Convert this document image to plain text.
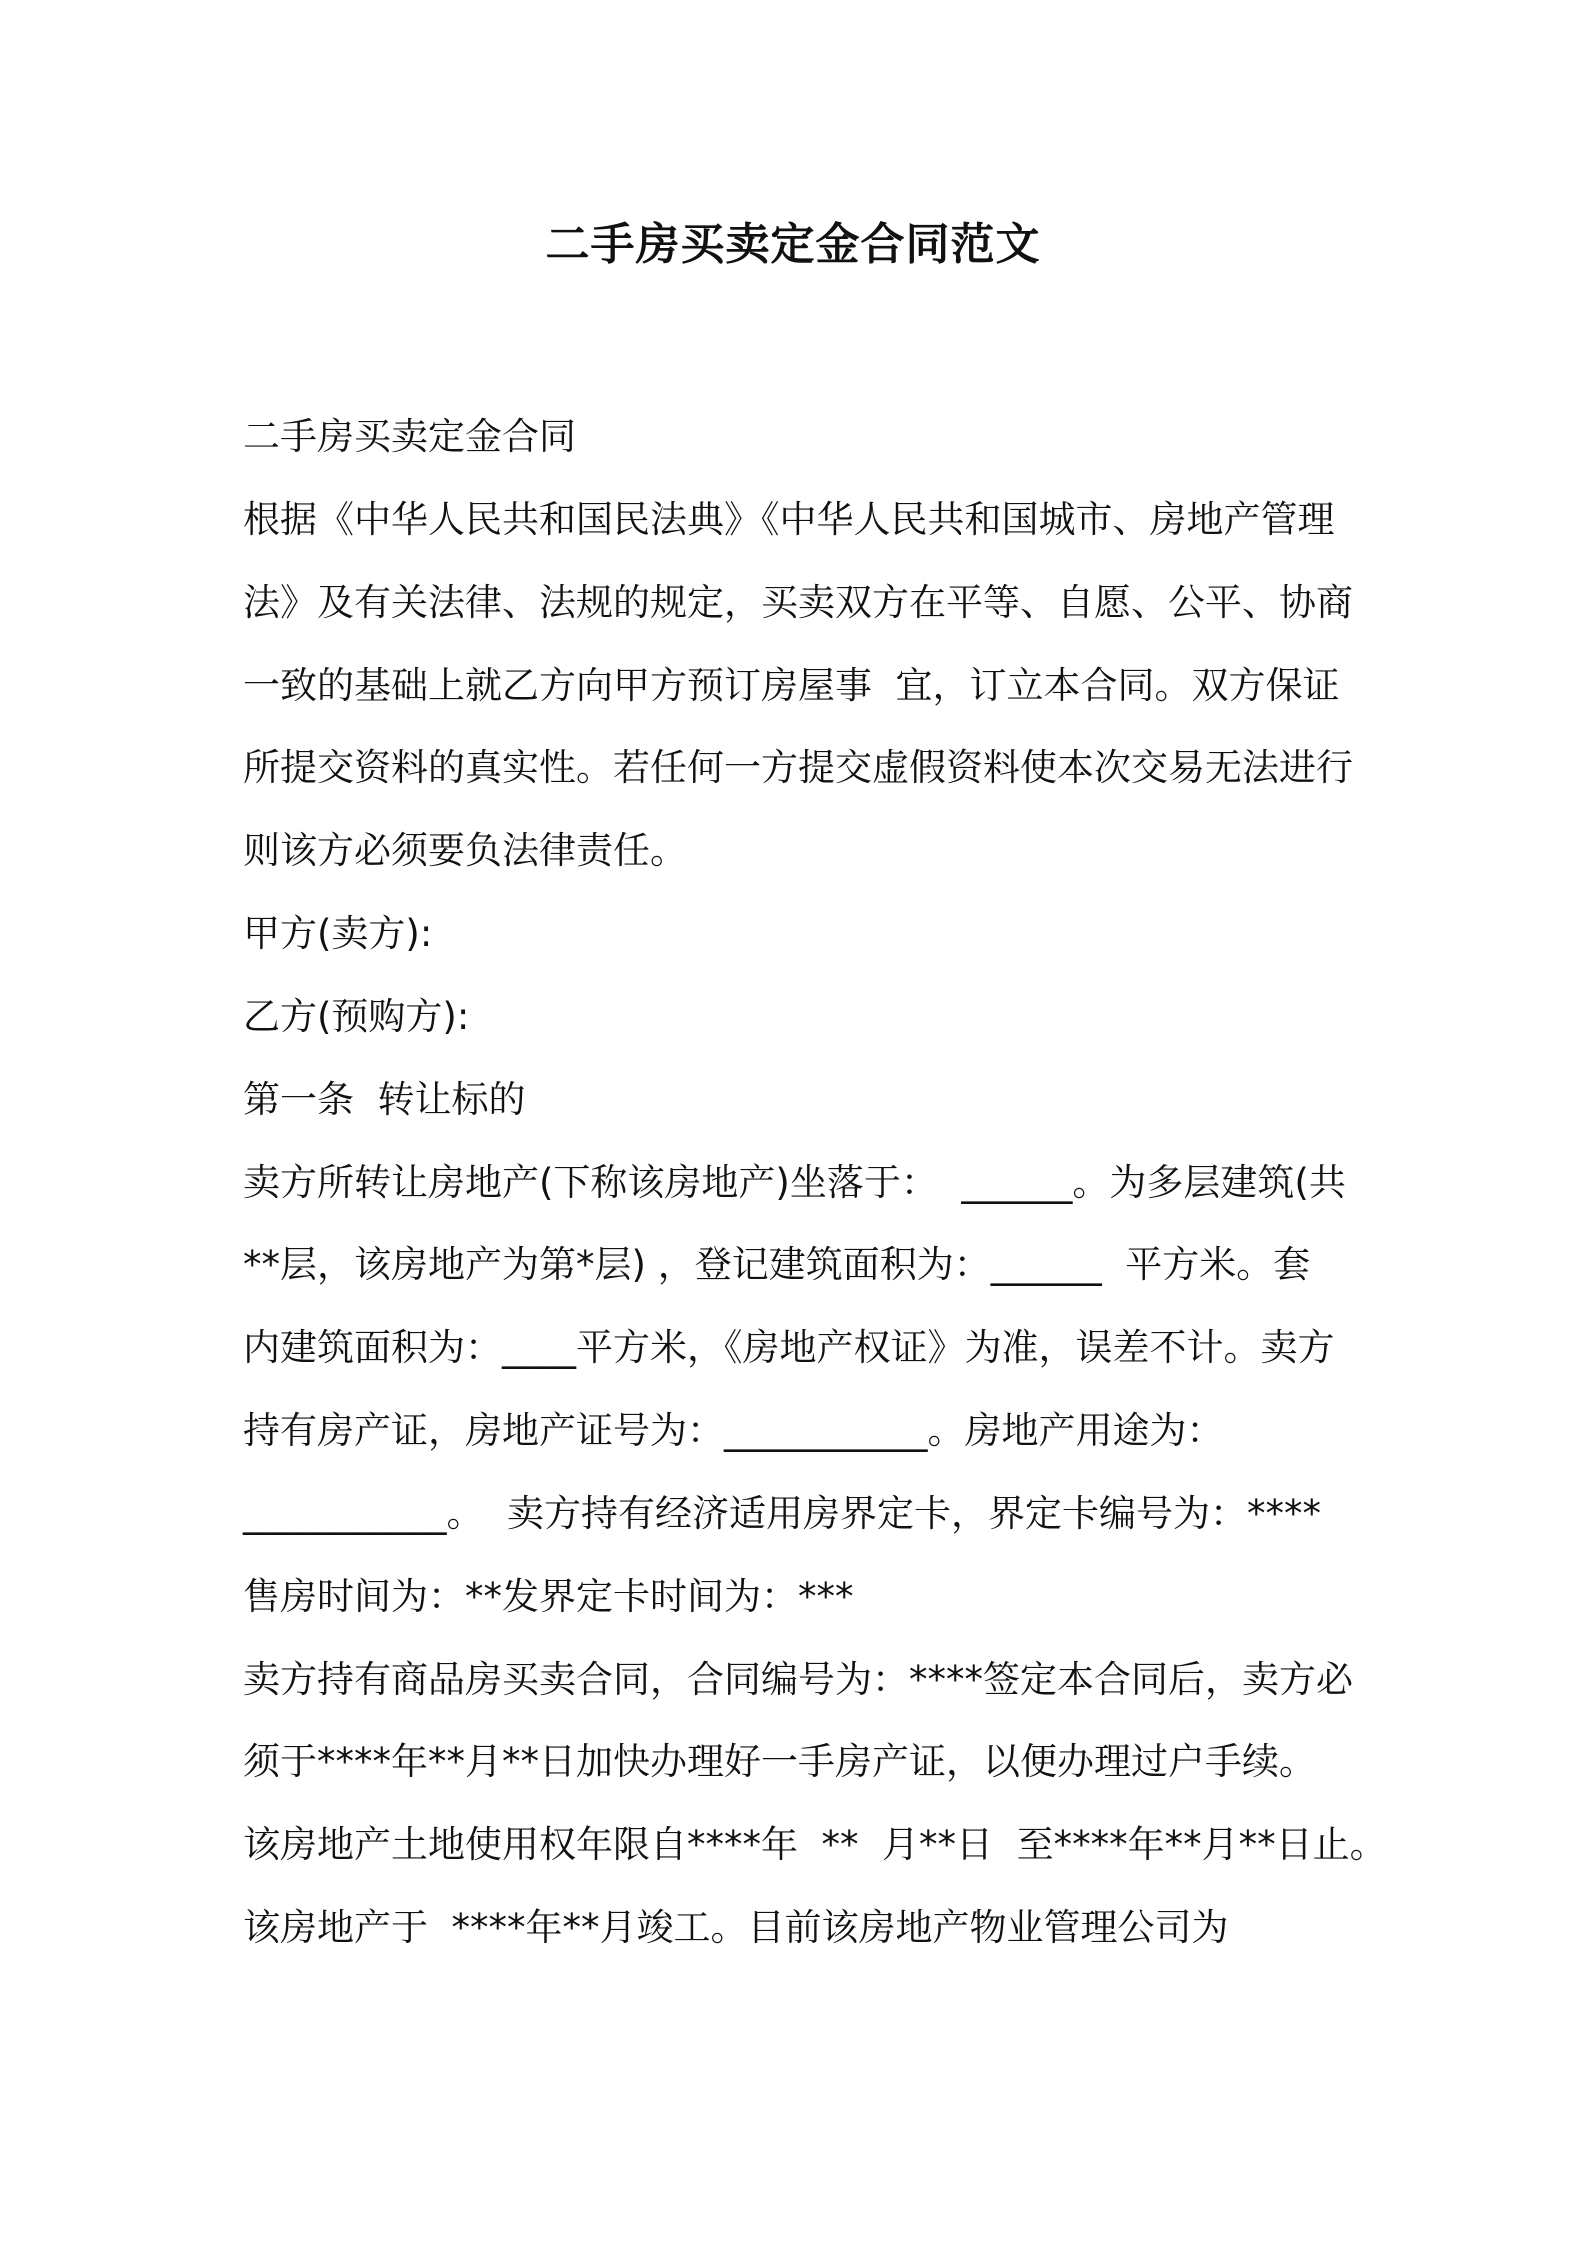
二手房买卖定金合同范文

二手房买卖定金合同

根据《中华人民共和国民法典》《中华人民共和国城市、房地产管理

法》及有关法律、法规的规定，买卖双方在平等、自愿、公平、协商

一致的基础上就乙方向甲方预订房屋事  宜，订立本合同。双方保证

所提交资料的真实性。若任何一方提交虚假资料使本次交易无法进行

则该方必须要负法律责任。

甲方(卖方):

乙方(预购方):

第一条  转让标的

卖方所转让房地产(下称该房地产)坐落于：  ______。为多层建筑(共

**层，该房地产为第*层) ，登记建筑面积为：______  平方米。套

内建筑面积为：____平方米，《房地产权证》为准，误差不计。卖方

持有房产证，房地产证号为：___________。房地产用途为：

___________。  卖方持有经济适用房界定卡，界定卡编号为：****

售房时间为：**发界定卡时间为：***

卖方持有商品房买卖合同，合同编号为：****签定本合同后，卖方必

须于****年**月**日加快办理好一手房产证，以便办理过户手续。

该房地产土地使用权年限自****年  **  月**日  至****年**月**日止。

该房地产于  ****年**月竣工。目前该房地产物业管理公司为
